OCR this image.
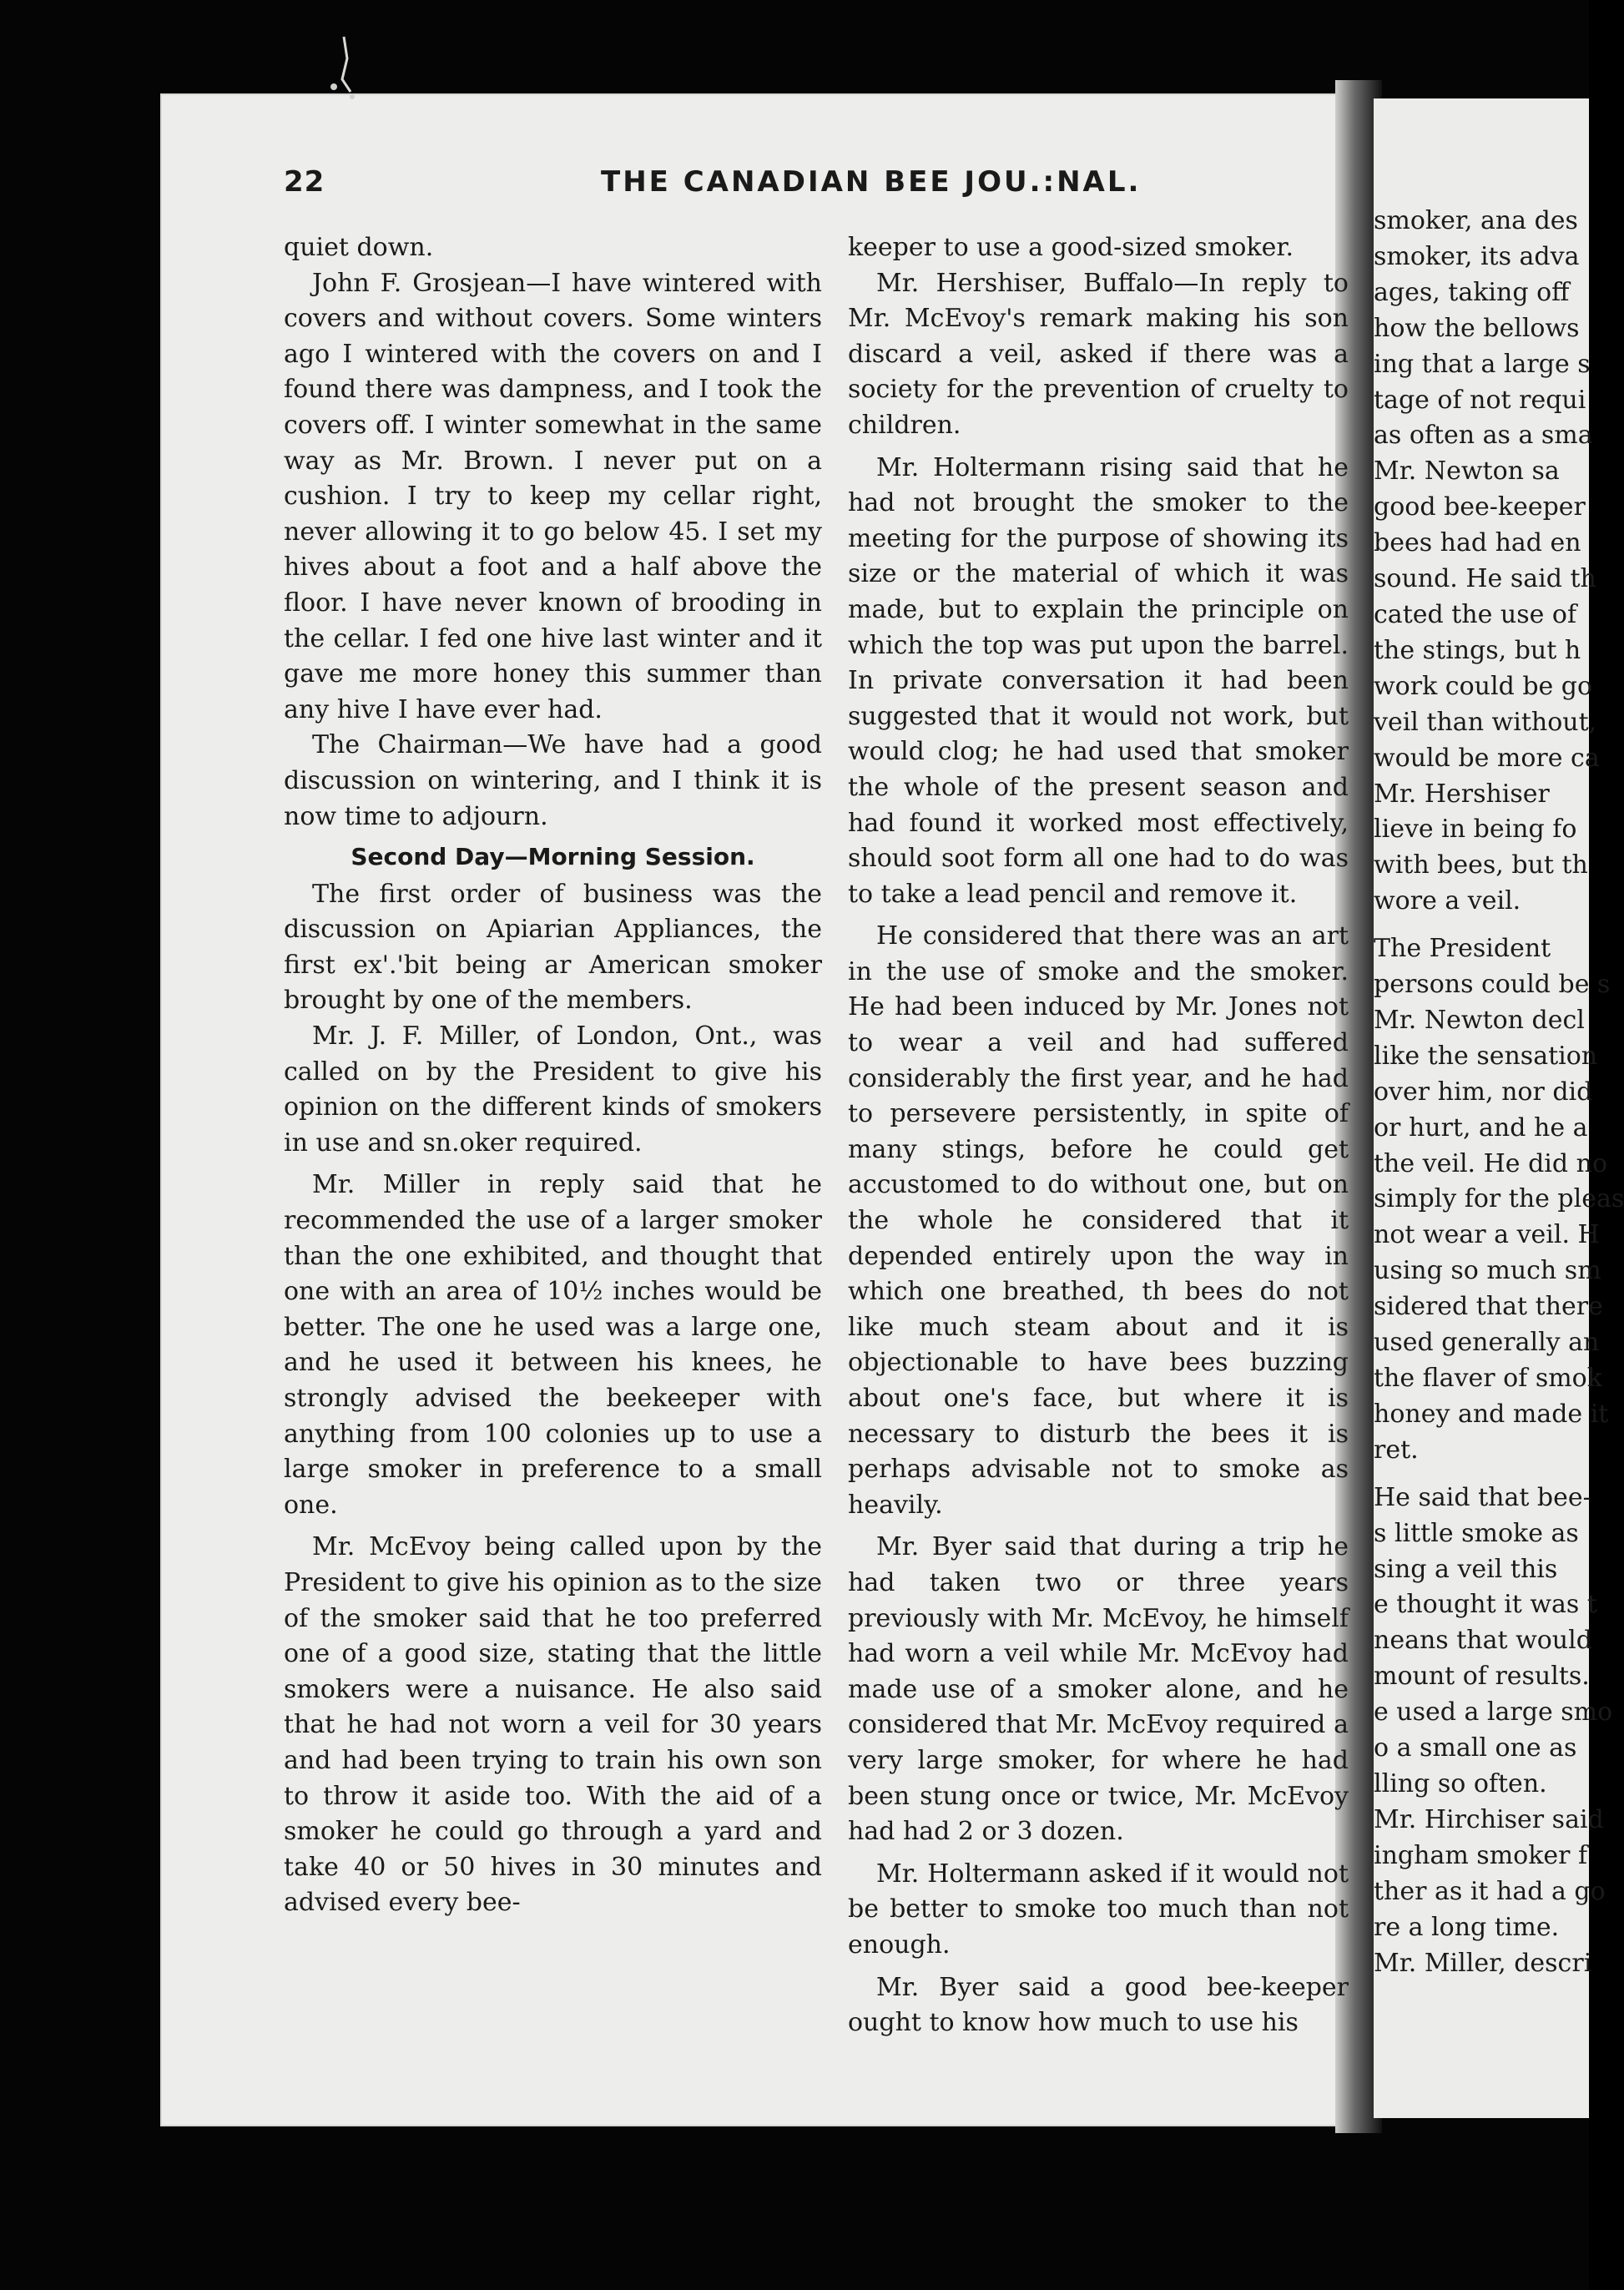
22	THE CANADIAN BEE JOU.:NAL.

quiet down.

John F. Grosjean—I have wintered with covers and without covers. Some winters ago I wintered with the covers on and I found there was dampness, and I took the covers off. I winter somewhat in the same way as Mr. Brown. I never put on a cushion. I try to keep my cellar right, never allowing it to go below 45. I set my hives about a foot and a half above the floor. I have never known of brooding in the cellar. I fed one hive last winter and it gave me more honey this summer than any hive I have ever had.

The Chairman—We have had a good discussion on wintering, and I think it is now time to adjourn.

Second Day—Morning Session.

The first order of business was the discussion on Apiarian Appliances, the first ex'.'bit being ar American smoker brought by one of the members.

Mr. J. F. Miller, of London, Ont., was called on by the President to give his opinion on the different kinds of smokers in use and sn.oker required.

Mr. Miller in reply said that he recommended the use of a larger smoker than the one exhibited, and thought that one with an area of 10½ inches would be better. The one he used was a large one, and he used it between his knees, he strongly advised the beekeeper with anything from 100 colonies up to use a large smoker in preference to a small one.

Mr. McEvoy being called upon by the President to give his opinion as to the size of the smoker said that he too preferred one of a good size, stating that the little smokers were a nuisance. He also said that he had not worn a veil for 30 years and had been trying to train his own son to throw it aside too. With the aid of a smoker he could go through a yard and take 40 or 50 hives in 30 minutes and advised every bee-

keeper to use a good-sized smoker.

Mr. Hershiser, Buffalo—In reply to Mr. McEvoy's remark making his son discard a veil, asked if there was a society for the prevention of cruelty to children.

Mr. Holtermann rising said that he had not brought the smoker to the meeting for the purpose of showing its size or the material of which it was made, but to explain the principle on which the top was put upon the barrel. In private conversation it had been suggested that it would not work, but would clog; he had used that smoker the whole of the present season and had found it worked most effectively, should soot form all one had to do was to take a lead pencil and remove it.

He considered that there was an art in the use of smoke and the smoker. He had been induced by Mr. Jones not to wear a veil and had suffered considerably the first year, and he had to persevere persistently, in spite of many stings, before he could get accustomed to do without one, but on the whole he considered that it depended entirely upon the way in which one breathed, th bees do not like much steam about and it is objectionable to have bees buzzing about one's face, but where it is necessary to disturb the bees it is perhaps advisable not to smoke as heavily.

Mr. Byer said that during a trip he had taken two or three years previously with Mr. McEvoy, he himself had worn a veil while Mr. McEvoy had made use of a smoker alone, and he considered that Mr. McEvoy required a very large smoker, for where he had been stung once or twice, Mr. McEvoy had had 2 or 3 dozen.

Mr. Holtermann asked if it would not be better to smoke too much than not enough.

Mr. Byer said a good bee-keeper ought to know how much to use his

smoker, ana des
smoker, its adva
ages, taking off
how the bellows
ing that a large s
tage of not requi
as often as a sma
Mr. Newton sa
good bee-keeper
bees had had en
sound. He said th
cated the use of
the stings, but h
work could be go
veil than without,
would be more ca
Mr. Hershiser
lieve in being fo
with bees, but th
wore a veil.
The President
persons could be s
Mr. Newton decl
like the sensation
over him, nor did
or hurt, and he a
the veil. He did no
simply for the pleas
not wear a veil. H
using so much sm
sidered that there
used generally an
the flaver of smok
honey and made it
ret.
He said that bee-
s little smoke as
sing a veil this
e thought it was t
neans that would
mount of results.
e used a large smo
o a small one as
lling so often.
Mr. Hirchiser said
ingham smoker f
ther as it had a go
re a long time.
Mr. Miller, descri
